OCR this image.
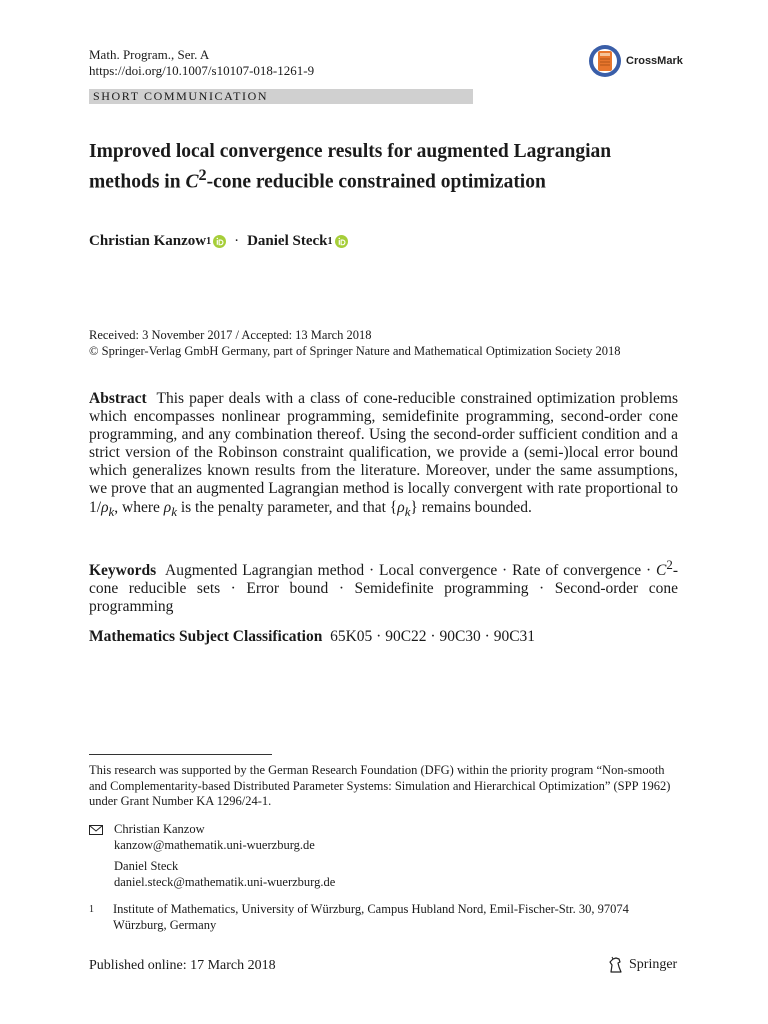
Math. Program., Ser. A
https://doi.org/10.1007/s10107-018-1261-9
CrossMark
SHORT COMMUNICATION
Improved local convergence results for augmented Lagrangian methods in $C^2$-cone reducible constrained optimization
Christian Kanzow 1 · Daniel Steck 1
Received: 3 November 2017 / Accepted: 13 March 2018
© Springer-Verlag GmbH Germany, part of Springer Nature and Mathematical Optimization Society 2018
Abstract This paper deals with a class of cone-reducible constrained optimization problems which encompasses nonlinear programming, semidefinite programming, second-order cone programming, and any combination thereof. Using the second-order sufficient condition and a strict version of the Robinson constraint qualification, we provide a (semi-)local error bound which generalizes known results from the literature. Moreover, under the same assumptions, we prove that an augmented Lagrangian method is locally convergent with rate proportional to $1/\rho_k$, where $\rho_k$ is the penalty parameter, and that $\{\rho_k\}$ remains bounded.
Keywords Augmented Lagrangian method · Local convergence · Rate of convergence · $C^2$-cone reducible sets · Error bound · Semidefinite programming · Second-order cone programming
Mathematics Subject Classification 65K05 · 90C22 · 90C30 · 90C31
This research was supported by the German Research Foundation (DFG) within the priority program “Non-smooth and Complementarity-based Distributed Parameter Systems: Simulation and Hierarchical Optimization” (SPP 1962) under Grant Number KA 1296/24-1.
Christian Kanzow
kanzow@mathematik.uni-wuerzburg.de
Daniel Steck
daniel.steck@mathematik.uni-wuerzburg.de
1	Institute of Mathematics, University of Würzburg, Campus Hubland Nord, Emil-Fischer-Str. 30, 97074 Würzburg, Germany
Published online: 17 March 2018	Springer
